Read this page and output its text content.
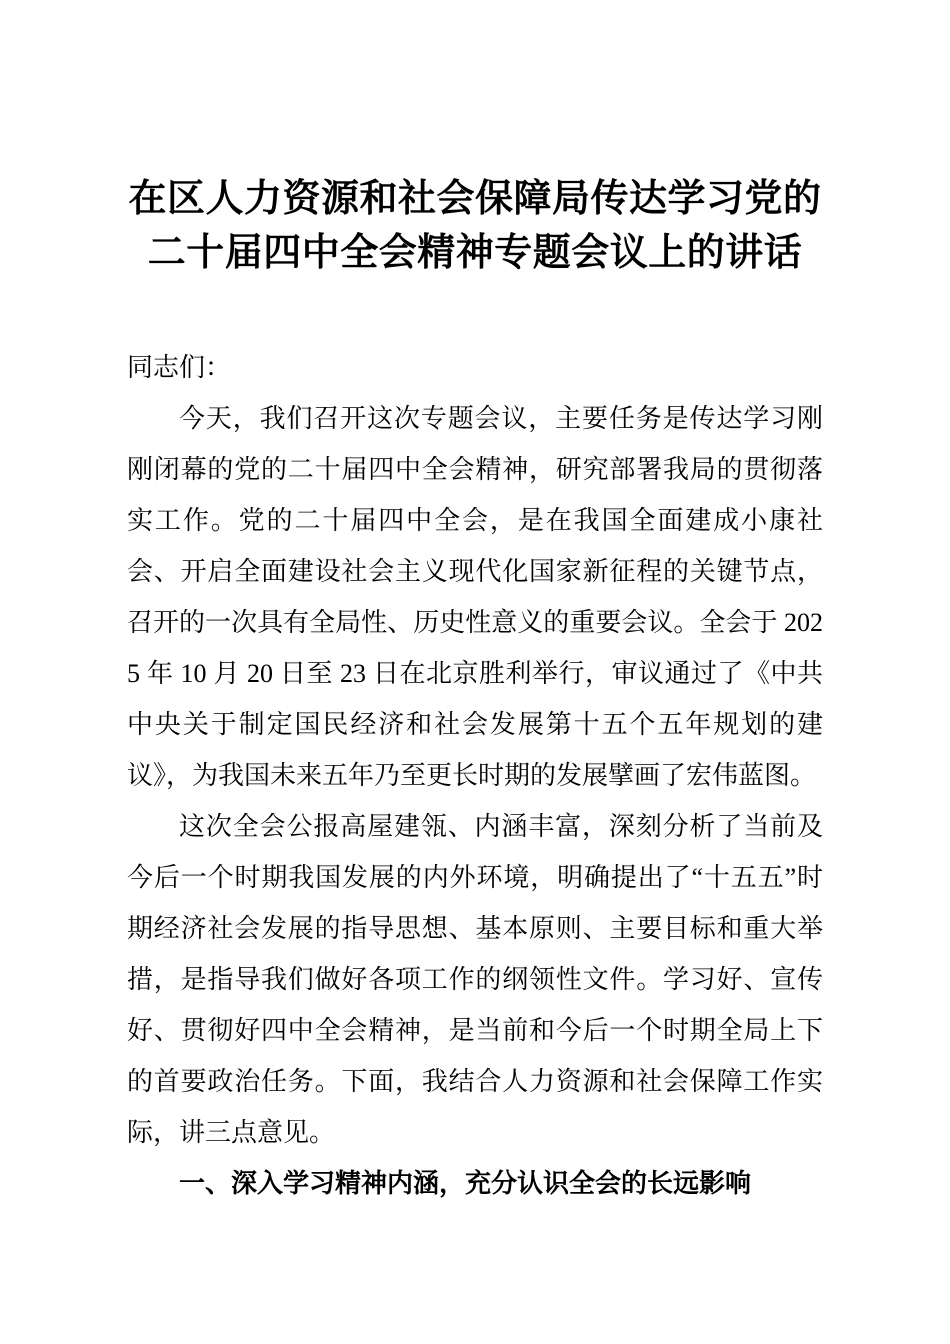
在区人力资源和社会保障局传达学习党的二十届四中全会精神专题会议上的讲话

同志们：

今天，我们召开这次专题会议，主要任务是传达学习刚刚闭幕的党的二十届四中全会精神，研究部署我局的贯彻落实工作。党的二十届四中全会，是在我国全面建成小康社会、开启全面建设社会主义现代化国家新征程的关键节点，召开的一次具有全局性、历史性意义的重要会议。全会于 2025 年 10 月 20 日至 23 日在北京胜利举行，审议通过了《中共中央关于制定国民经济和社会发展第十五个五年规划的建议》，为我国未来五年乃至更长时期的发展擘画了宏伟蓝图。

这次全会公报高屋建瓴、内涵丰富，深刻分析了当前及今后一个时期我国发展的内外环境，明确提出了“十五五”时期经济社会发展的指导思想、基本原则、主要目标和重大举措，是指导我们做好各项工作的纲领性文件。学习好、宣传好、贯彻好四中全会精神，是当前和今后一个时期全局上下的首要政治任务。下面，我结合人力资源和社会保障工作实际，讲三点意见。

一、深入学习精神内涵，充分认识全会的长远影响
